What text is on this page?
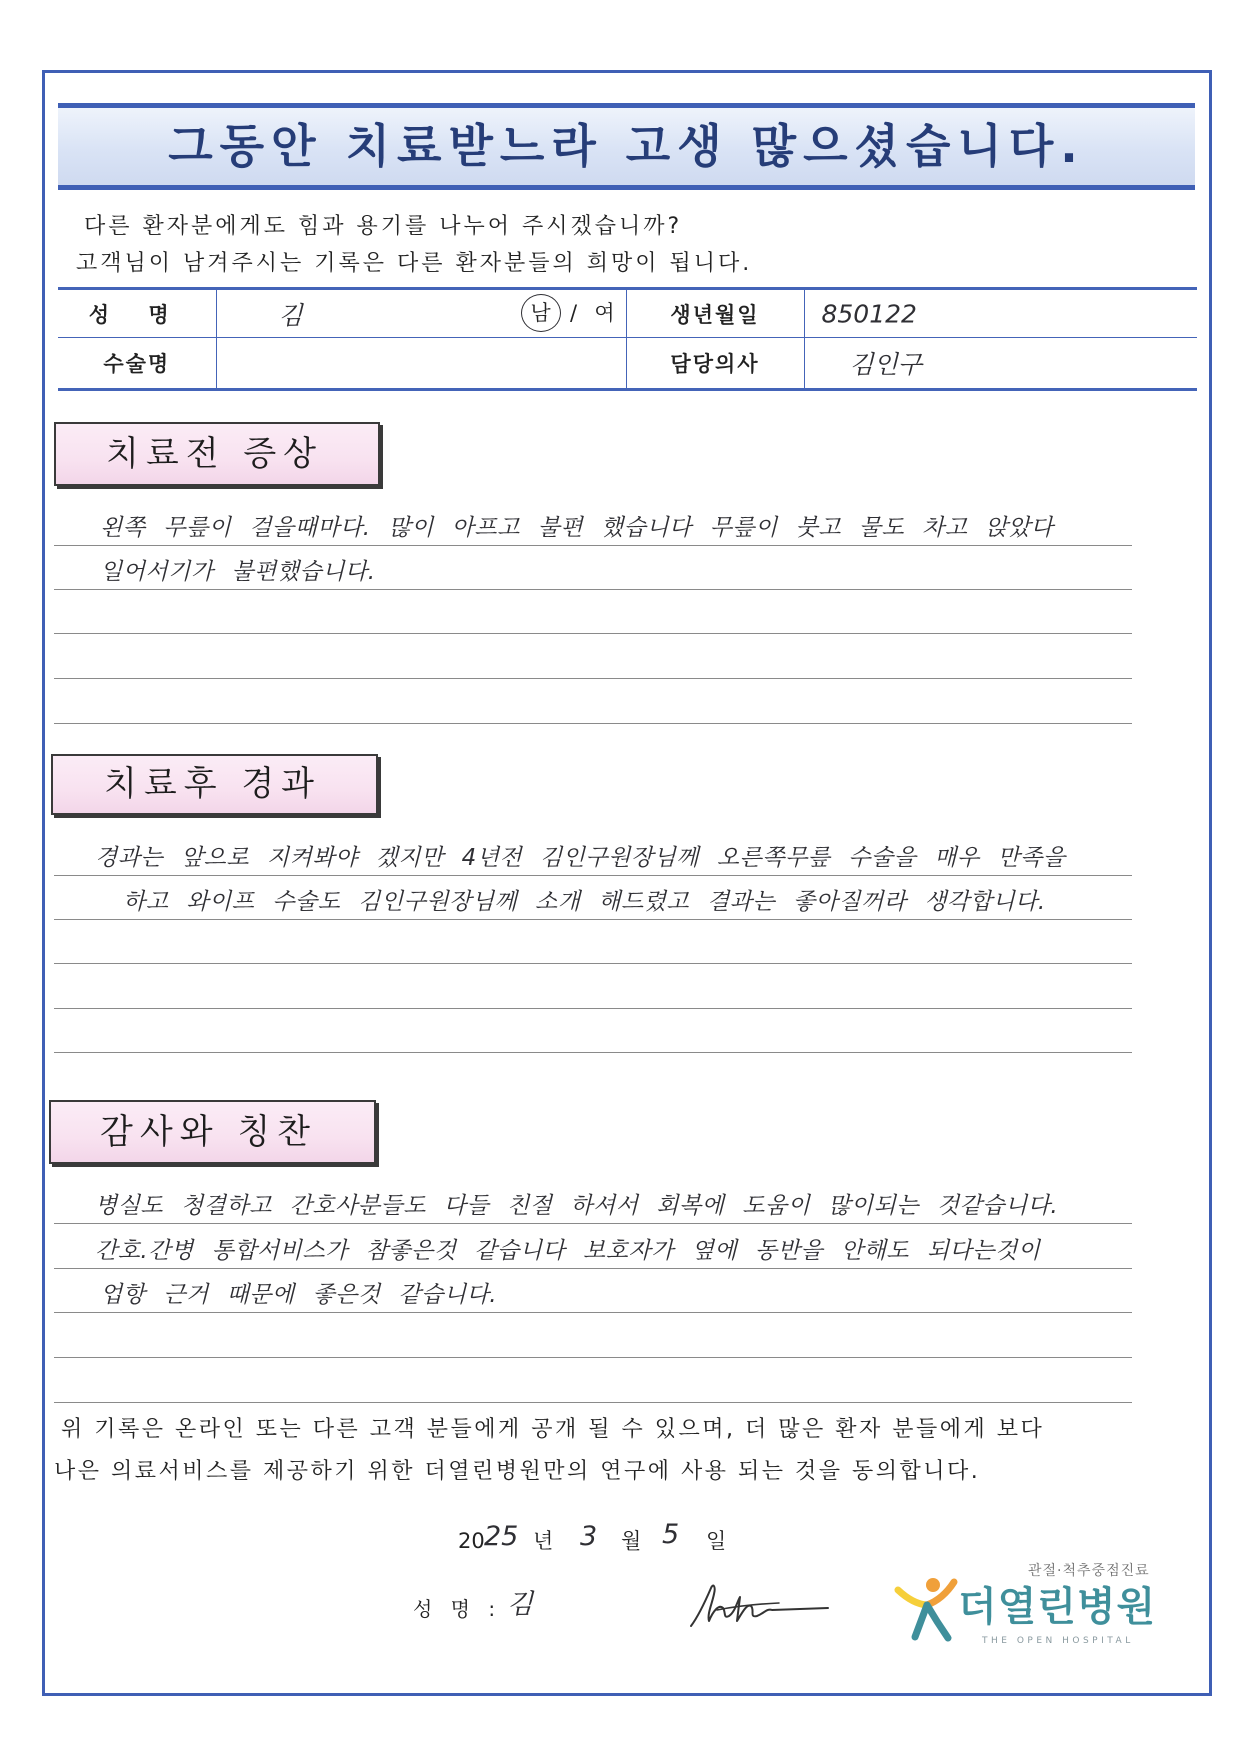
그동안 치료받느라 고생 많으셨습니다.
다른 환자분에게도 힘과 용기를 나누어 주시겠습니까?
고객님이 남겨주시는 기록은 다른 환자분들의 희망이 됩니다.
성 명	김 남 / 여	생년월일	850122

수술명		담당의사	김인구
치료전 증상
왼쪽 무릎이 걸을때마다. 많이 아프고 불편 했습니다 무릎이 붓고 물도 차고 앉았다
일어서기가 불편했습니다.
치료후 경과
경과는 앞으로 지켜봐야 겠지만 4년전 김인구원장님께 오른쪽무릎 수술을 매우 만족을
하고 와이프 수술도 김인구원장님께 소개 해드렸고 결과는 좋아질꺼라 생각합니다.
감사와 칭찬
병실도 청결하고 간호사분들도 다들 친절 하셔서 회복에 도움이 많이되는 것같습니다.
간호.간병 통합서비스가 참좋은것 같습니다 보호자가 옆에 동반을 안해도 되다는것이
업항 근거 때문에 좋은것 같습니다.
위 기록은 온라인 또는 다른 고객 분들에게 공개 될 수 있으며, 더 많은 환자 분들에게 보다
나은 의료서비스를 제공하기 위한 더열린병원만의 연구에 사용 되는 것을 동의합니다.
20 25 년 3 월 5 일
성 명 : 김
관절·척추중점진료
더열린병원
THE OPEN HOSPITAL
